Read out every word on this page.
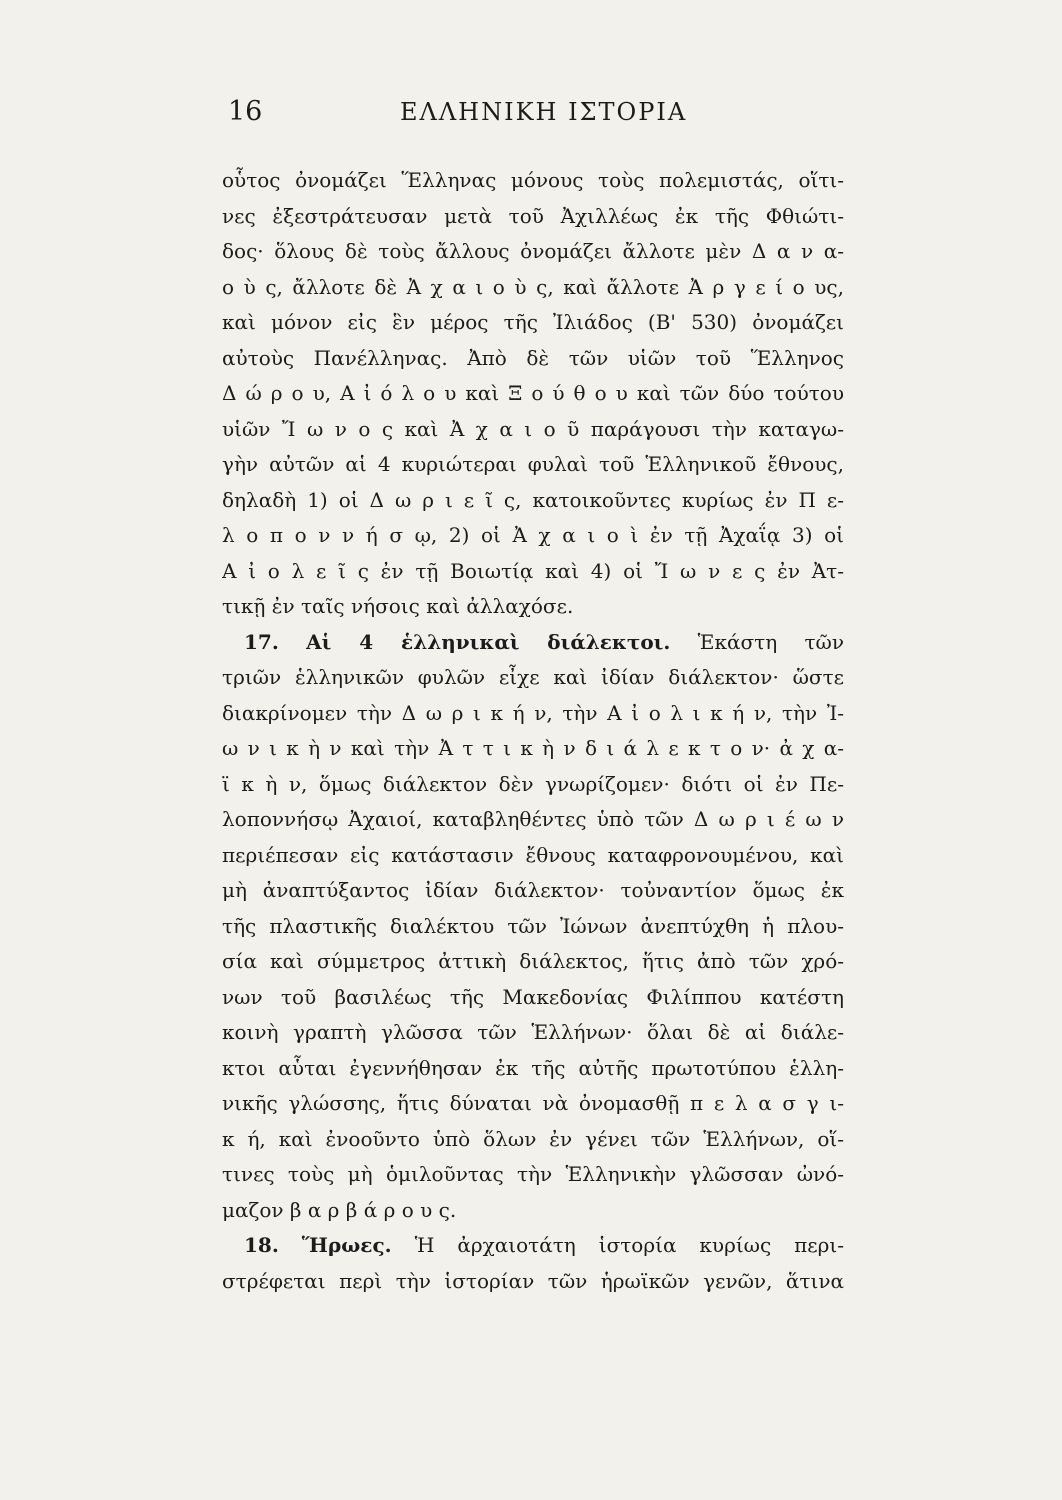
16	ΕΛΛΗΝΙΚΗ ΙΣΤΟΡΙΑ
οὗτος ὀνομάζει Ἕλληνας μόνους τοὺς πολεμιστάς, οἵτι-
νες ἐξεστράτευσαν μετὰ τοῦ Ἀχιλλέως ἐκ τῆς Φθιώτι-
δος· ὅλους δὲ τοὺς ἄλλους ὀνομάζει ἄλλοτε μὲν Δ α ν α-
ο ὺ ς, ἄλλοτε δὲ Ἀ χ α ι ο ὺ ς, καὶ ἄλλοτε Ἀ ρ γ ε ί ο υς,
καὶ μόνον εἰς ἓν μέρος τῆς Ἰλιάδος (Β' 530) ὀνομάζει
αὐτοὺς Πανέλληνας. Ἀπὸ δὲ τῶν υἱῶν τοῦ Ἕλληνος
Δ ώ ρ ο υ, Α ἰ ό λ ο υ καὶ Ξ ο ύ θ ο υ καὶ τῶν δύο τούτου
υἱῶν Ἴ ω ν ο ς καὶ Ἀ χ α ι ο ῦ παράγουσι τὴν καταγω-
γὴν αὐτῶν αἱ 4 κυριώτεραι φυλαὶ τοῦ Ἑλληνικοῦ ἔθνους,
δηλαδὴ 1) οἱ Δ ω ρ ι ε ῖ ς, κατοικοῦντες κυρίως ἐν Π ε-
λ ο π ο ν ν ή σ ῳ, 2) οἱ Ἀ χ α ι ο ὶ ἐν τῇ Ἀχαΐᾳ 3) οἱ
Α ἰ ο λ ε ῖ ς ἐν τῇ Βοιωτίᾳ καὶ 4) οἱ Ἴ ω ν ε ς ἐν Ἀτ-
τικῇ ἐν ταῖς νήσοις καὶ ἀλλαχόσε.
17. Αἱ 4 ἑλληνικαὶ διάλεκτοι. Ἑκάστη τῶν
τριῶν ἑλληνικῶν φυλῶν εἶχε καὶ ἰδίαν διάλεκτον· ὥστε
διακρίνομεν τὴν Δ ω ρ ι κ ή ν, τὴν Α ἰ ο λ ι κ ή ν, τὴν Ἰ-
ω ν ι κ ὴ ν καὶ τὴν Ἀ τ τ ι κ ὴ ν δ ι ά λ ε κ τ ο ν· ἀ χ α-
ϊ κ ὴ ν, ὅμως διάλεκτον δὲν γνωρίζομεν· διότι οἱ ἐν Πε-
λοποννήσῳ Ἀχαιοί, καταβληθέντες ὑπὸ τῶν Δ ω ρ ι έ ω ν
περιέπεσαν εἰς κατάστασιν ἔθνους καταφρονουμένου, καὶ
μὴ ἀναπτύξαντος ἰδίαν διάλεκτον· τοὐναντίον ὅμως ἐκ
τῆς πλαστικῆς διαλέκτου τῶν Ἰώνων ἀνεπτύχθη ἡ πλου-
σία καὶ σύμμετρος ἀττικὴ διάλεκτος, ἥτις ἀπὸ τῶν χρό-
νων τοῦ βασιλέως τῆς Μακεδονίας Φιλίππου κατέστη
κοινὴ γραπτὴ γλῶσσα τῶν Ἑλλήνων· ὅλαι δὲ αἱ διάλε-
κτοι αὗται ἐγεννήθησαν ἐκ τῆς αὐτῆς πρωτοτύπου ἑλλη-
νικῆς γλώσσης, ἥτις δύναται νὰ ὀνομασθῇ π ε λ α σ γ ι-
κ ή, καὶ ἐνοοῦντο ὑπὸ ὅλων ἐν γένει τῶν Ἑλλήνων, οἵ-
τινες τοὺς μὴ ὁμιλοῦντας τὴν Ἑλληνικὴν γλῶσσαν ὠνό-
μαζον β α ρ β ά ρ ο υ ς.
18. Ἥρωες. Ἡ ἀρχαιοτάτη ἱστορία κυρίως περι-
στρέφεται περὶ τὴν ἱστορίαν τῶν ἡρωϊκῶν γενῶν, ἅτινα
